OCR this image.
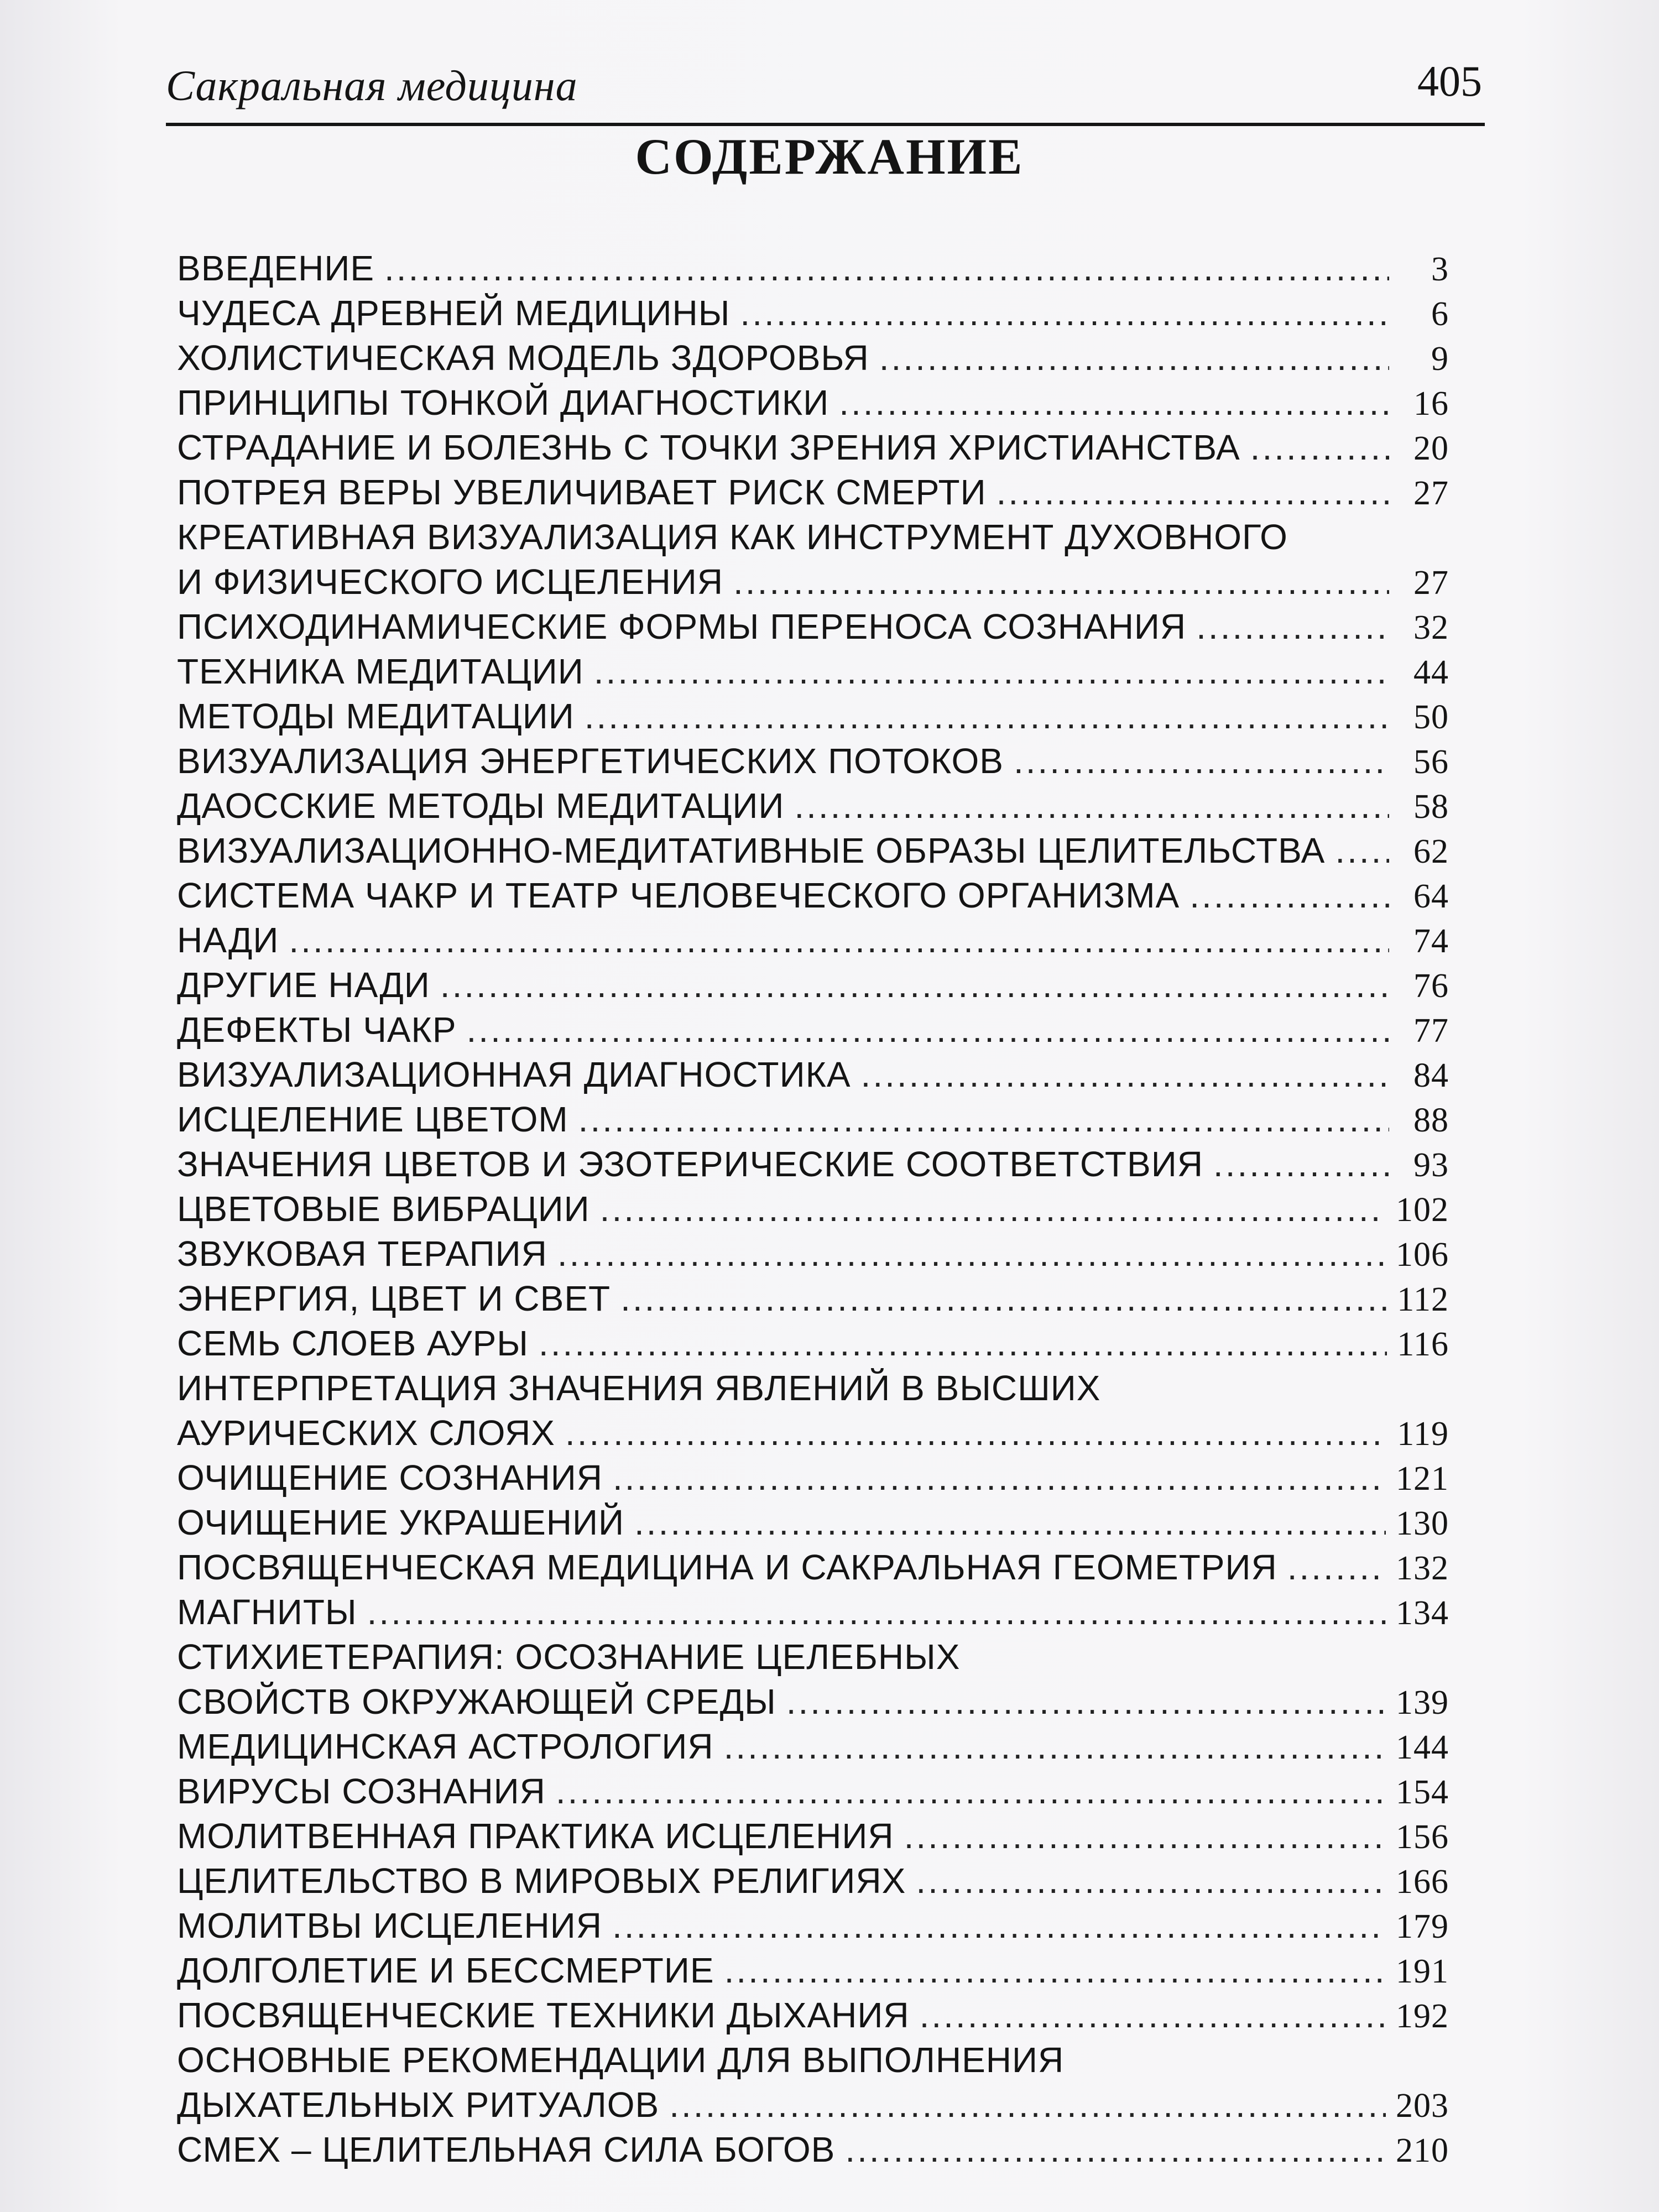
Сакральная медицина	405
СОДЕРЖАНИЕ
ВВЕДЕНИЕ .....	3
ЧУДЕСА ДРЕВНЕЙ МЕДИЦИНЫ .....	6
ХОЛИСТИЧЕСКАЯ МОДЕЛЬ ЗДОРОВЬЯ .....	9
ПРИНЦИПЫ ТОНКОЙ ДИАГНОСТИКИ .....	16
СТРАДАНИЕ И БОЛЕЗНЬ С ТОЧКИ ЗРЕНИЯ ХРИСТИАНСТВА .....	20
ПОТРЕЯ ВЕРЫ УВЕЛИЧИВАЕТ РИСК СМЕРТИ .....	27
КРЕАТИВНАЯ ВИЗУАЛИЗАЦИЯ КАК ИНСТРУМЕНТ ДУХОВНОГО
И ФИЗИЧЕСКОГО ИСЦЕЛЕНИЯ .....	27
ПСИХОДИНАМИЧЕСКИЕ ФОРМЫ ПЕРЕНОСА СОЗНАНИЯ .....	32
ТЕХНИКА МЕДИТАЦИИ .....	44
МЕТОДЫ МЕДИТАЦИИ .....	50
ВИЗУАЛИЗАЦИЯ ЭНЕРГЕТИЧЕСКИХ ПОТОКОВ .....	56
ДАОССКИЕ МЕТОДЫ МЕДИТАЦИИ .....	58
ВИЗУАЛИЗАЦИОННО-МЕДИТАТИВНЫЕ ОБРАЗЫ ЦЕЛИТЕЛЬСТВА .....	62
СИСТЕМА ЧАКР И ТЕАТР ЧЕЛОВЕЧЕСКОГО ОРГАНИЗМА .....	64
НАДИ .....	74
ДРУГИЕ НАДИ .....	76
ДЕФЕКТЫ ЧАКР .....	77
ВИЗУАЛИЗАЦИОННАЯ ДИАГНОСТИКА .....	84
ИСЦЕЛЕНИЕ ЦВЕТОМ .....	88
ЗНАЧЕНИЯ ЦВЕТОВ И ЭЗОТЕРИЧЕСКИЕ СООТВЕТСТВИЯ .....	93
ЦВЕТОВЫЕ ВИБРАЦИИ .....	102
ЗВУКОВАЯ ТЕРАПИЯ .....	106
ЭНЕРГИЯ, ЦВЕТ И СВЕТ .....	112
СЕМЬ СЛОЕВ АУРЫ .....	116
ИНТЕРПРЕТАЦИЯ ЗНАЧЕНИЯ ЯВЛЕНИЙ В ВЫСШИХ
АУРИЧЕСКИХ СЛОЯХ .....	119
ОЧИЩЕНИЕ СОЗНАНИЯ .....	121
ОЧИЩЕНИЕ УКРАШЕНИЙ .....	130
ПОСВЯЩЕНЧЕСКАЯ МЕДИЦИНА И САКРАЛЬНАЯ ГЕОМЕТРИЯ .....	132
МАГНИТЫ .....	134
СТИХИЕТЕРАПИЯ: ОСОЗНАНИЕ ЦЕЛЕБНЫХ
СВОЙСТВ ОКРУЖАЮЩЕЙ СРЕДЫ .....	139
МЕДИЦИНСКАЯ АСТРОЛОГИЯ .....	144
ВИРУСЫ СОЗНАНИЯ .....	154
МОЛИТВЕННАЯ ПРАКТИКА ИСЦЕЛЕНИЯ .....	156
ЦЕЛИТЕЛЬСТВО В МИРОВЫХ РЕЛИГИЯХ .....	166
МОЛИТВЫ ИСЦЕЛЕНИЯ .....	179
ДОЛГОЛЕТИЕ И БЕССМЕРТИЕ .....	191
ПОСВЯЩЕНЧЕСКИЕ ТЕХНИКИ ДЫХАНИЯ .....	192
ОСНОВНЫЕ РЕКОМЕНДАЦИИ ДЛЯ ВЫПОЛНЕНИЯ
ДЫХАТЕЛЬНЫХ РИТУАЛОВ .....	203
СМЕХ – ЦЕЛИТЕЛЬНАЯ СИЛА БОГОВ .....	210
